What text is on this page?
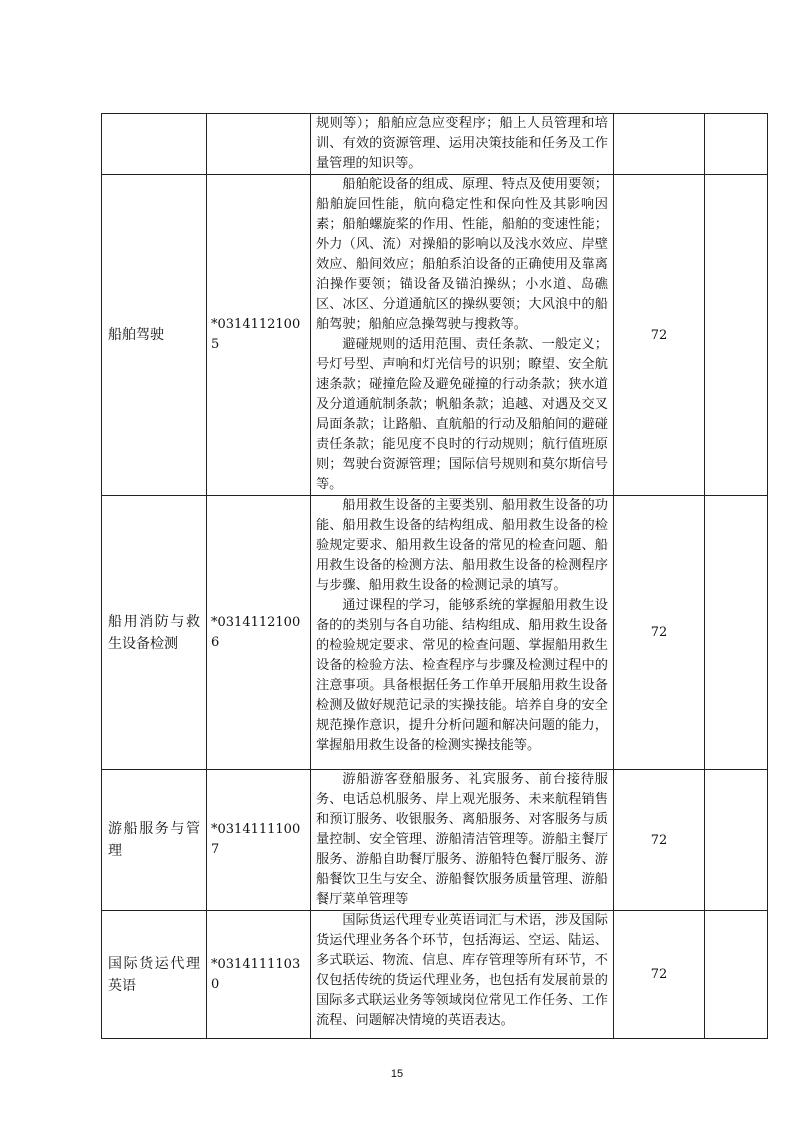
		规则等）；船舶应急应变程序；船上人员管理和培训、有效的资源管理、运用决策技能和任务及工作量管理的知识等。		

船舶驾驶	*03141121005	船舶舵设备的组成、原理、特点及使用要领；船舶旋回性能，航向稳定性和保向性及其影响因素；船舶螺旋桨的作用、性能，船舶的变速性能；外力（风、流）对操船的影响以及浅水效应、岸壁效应、船间效应；船舶系泊设备的正确使用及靠离泊操作要领；锚设备及锚泊操纵；小水道、岛礁区、冰区、分道通航区的操纵要领；大风浪中的船舶驾驶；船舶应急操驾驶与搜救等。

避碰规则的适用范围、责任条款、一般定义；号灯号型、声响和灯光信号的识别；瞭望、安全航速条款；碰撞危险及避免碰撞的行动条款；狭水道及分道通航制条款；帆船条款；追越、对遇及交叉局面条款；让路船、直航船的行动及船舶间的避碰责任条款；能见度不良时的行动规则；航行值班原则；驾驶台资源管理；国际信号规则和莫尔斯信号等。	72	
船用消防与救生设备检测	*03141121006	船用救生设备的主要类别、船用救生设备的功能、船用救生设备的结构组成、船用救生设备的检验规定要求、船用救生设备的常见的检查问题、船用救生设备的检测方法、船用救生设备的检测程序与步骤、船用救生设备的检测记录的填写。

通过课程的学习，能够系统的掌握船用救生设备的的类别与各自功能、结构组成、船用救生设备的检验规定要求、常见的检查问题、掌握船用救生设备的检验方法、检查程序与步骤及检测过程中的注意事项。具备根据任务工作单开展船用救生设备检测及做好规范记录的实操技能。培养自身的安全规范操作意识，提升分析问题和解决问题的能力，掌握船用救生设备的检测实操技能等。	72	
游船服务与管理	*03141111007	游船游客登船服务、礼宾服务、前台接待服务、电话总机服务、岸上观光服务、未来航程销售和预订服务、收银服务、离船服务、对客服务与质量控制、安全管理、游船清洁管理等。游船主餐厅服务、游船自助餐厅服务、游船特色餐厅服务、游船餐饮卫生与安全、游船餐饮服务质量管理、游船餐厅菜单管理等	72	
国际货运代理英语	*03141111030	国际货运代理专业英语词汇与术语，涉及国际货运代理业务各个环节，包括海运、空运、陆运、多式联运、物流、信息、库存管理等所有环节，不仅包括传统的货运代理业务，也包括有发展前景的国际多式联运业务等领域岗位常见工作任务、工作流程、问题解决情境的英语表达。	72	
15
